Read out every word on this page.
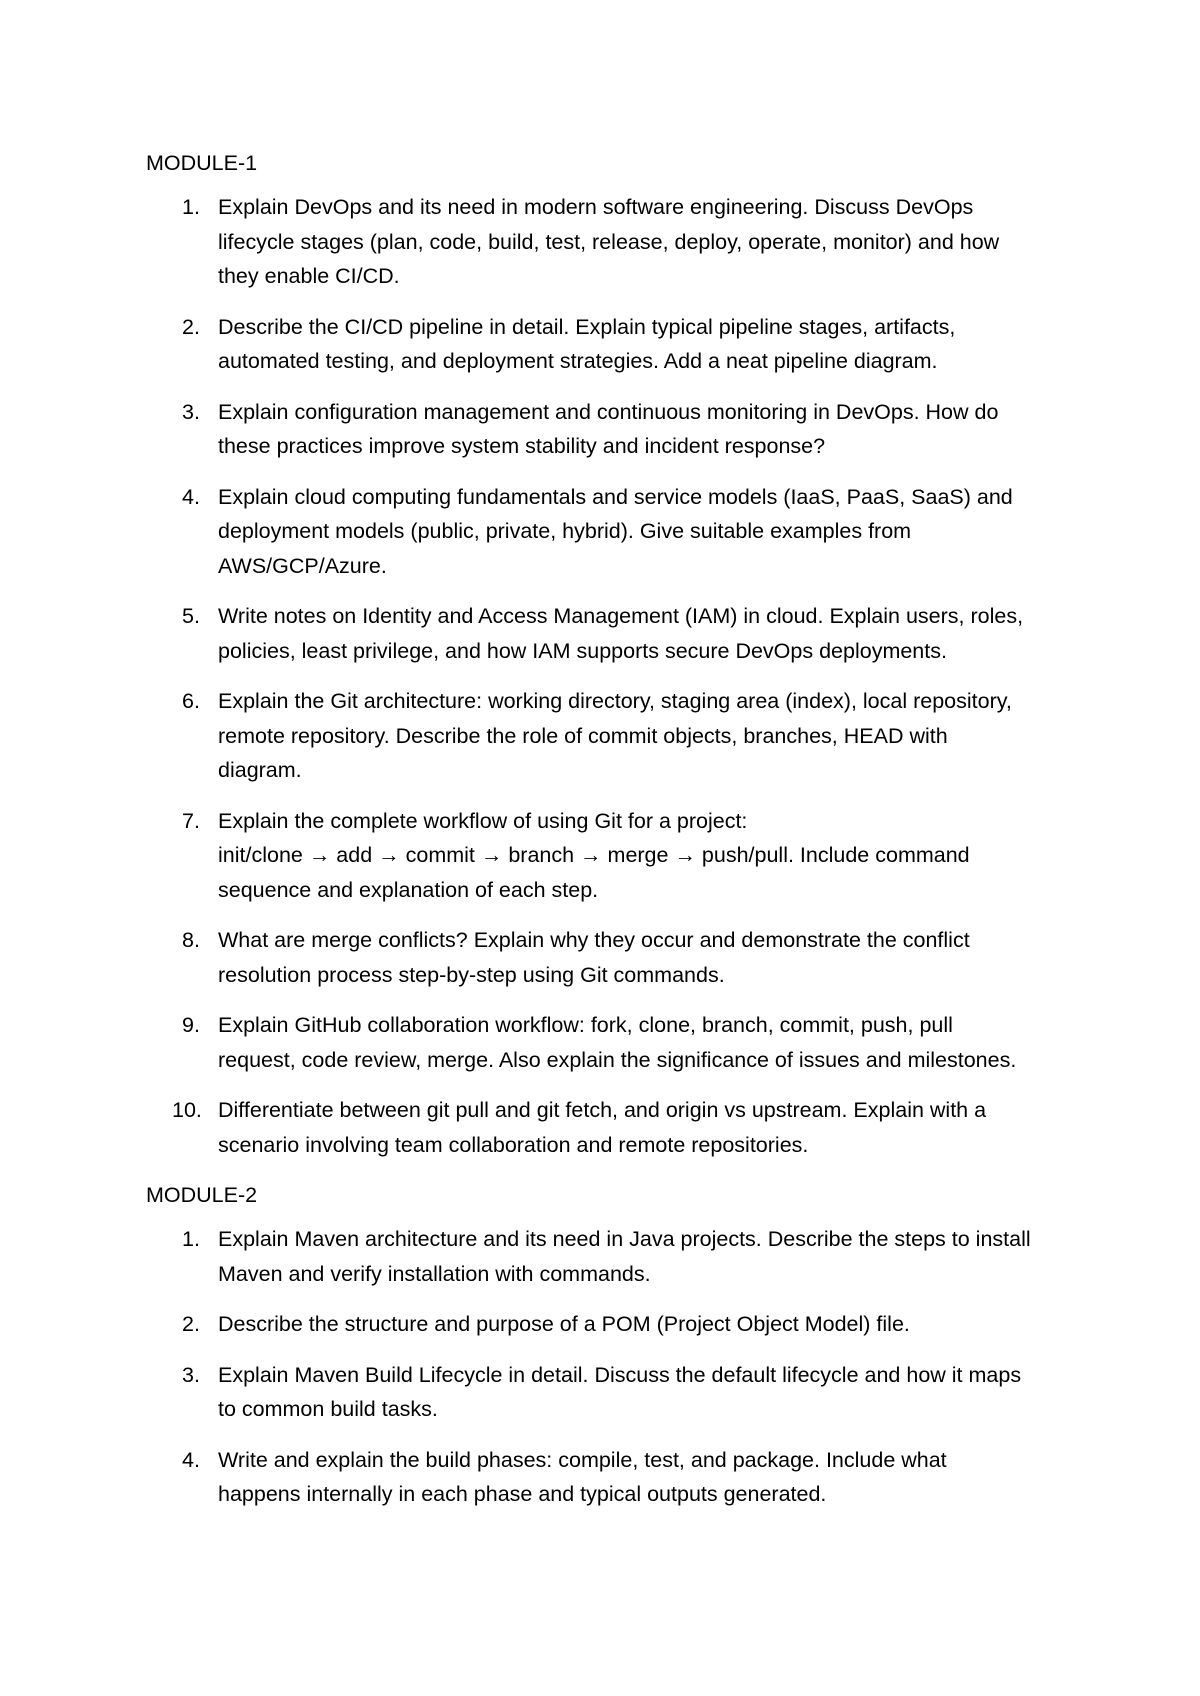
MODULE-1
1. Explain DevOps and its need in modern software engineering. Discuss DevOps
lifecycle stages (plan, code, build, test, release, deploy, operate, monitor) and how
they enable CI/CD.
2. Describe the CI/CD pipeline in detail. Explain typical pipeline stages, artifacts,
automated testing, and deployment strategies. Add a neat pipeline diagram.
3. Explain configuration management and continuous monitoring in DevOps. How do
these practices improve system stability and incident response?
4. Explain cloud computing fundamentals and service models (IaaS, PaaS, SaaS) and
deployment models (public, private, hybrid). Give suitable examples from
AWS/GCP/Azure.
5. Write notes on Identity and Access Management (IAM) in cloud. Explain users, roles,
policies, least privilege, and how IAM supports secure DevOps deployments.
6. Explain the Git architecture: working directory, staging area (index), local repository,
remote repository. Describe the role of commit objects, branches, HEAD with
diagram.
7. Explain the complete workflow of using Git for a project:
init/clone → add → commit → branch → merge → push/pull. Include command
sequence and explanation of each step.
8. What are merge conflicts? Explain why they occur and demonstrate the conflict
resolution process step-by-step using Git commands.
9. Explain GitHub collaboration workflow: fork, clone, branch, commit, push, pull
request, code review, merge. Also explain the significance of issues and milestones.
10. Differentiate between git pull and git fetch, and origin vs upstream. Explain with a
scenario involving team collaboration and remote repositories.
MODULE-2
1. Explain Maven architecture and its need in Java projects. Describe the steps to install
Maven and verify installation with commands.
2. Describe the structure and purpose of a POM (Project Object Model) file.
3. Explain Maven Build Lifecycle in detail. Discuss the default lifecycle and how it maps
to common build tasks.
4. Write and explain the build phases: compile, test, and package. Include what
happens internally in each phase and typical outputs generated.
